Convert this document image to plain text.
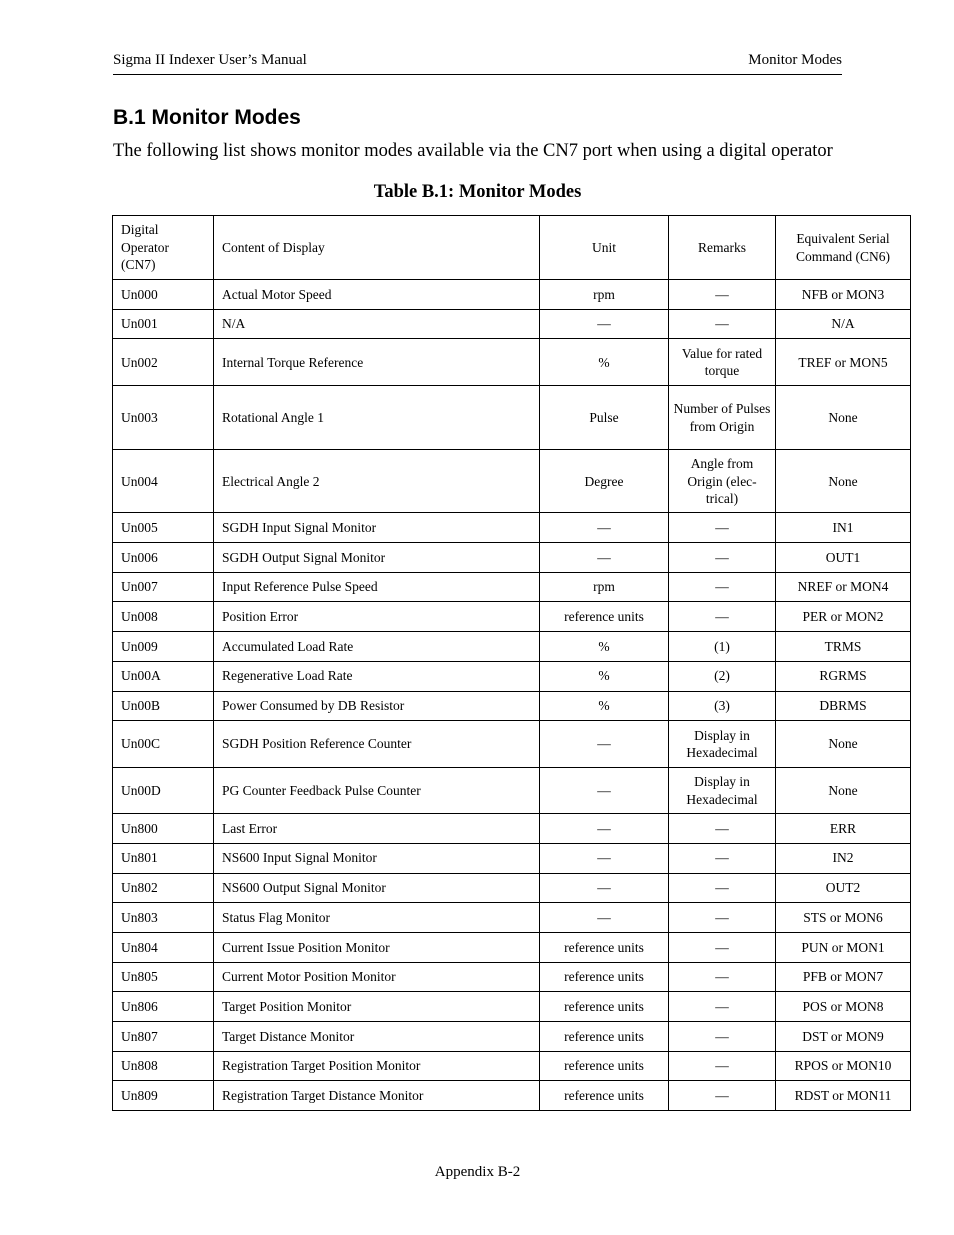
Sigma II Indexer User’s Manual	Monitor Modes
B.1 Monitor Modes

The following list shows monitor modes available via the CN7 port when using a digital operator

Table B.1: Monitor Modes
Digital Operator (CN7)	Content of Display	Unit	Remarks	Equivalent Serial Command (CN6)
Un000	Actual Motor Speed	rpm	—	NFB or MON3
Un001	N/A	—	—	N/A
Un002	Internal Torque Reference	%	Value for rated torque	TREF or MON5
Un003	Rotational Angle 1	Pulse	Number of Pulses from Origin	None
Un004	Electrical Angle 2	Degree	Angle from Origin (elec-trical)	None
Un005	SGDH Input Signal Monitor	—	—	IN1
Un006	SGDH Output Signal Monitor	—	—	OUT1
Un007	Input Reference Pulse Speed	rpm	—	NREF or MON4
Un008	Position Error	reference units	—	PER or MON2
Un009	Accumulated Load Rate	%	(1)	TRMS
Un00A	Regenerative Load Rate	%	(2)	RGRMS
Un00B	Power Consumed by DB Resistor	%	(3)	DBRMS
Un00C	SGDH Position Reference Counter	—	Display in Hexadecimal	None
Un00D	PG Counter Feedback Pulse Counter	—	Display in Hexadecimal	None
Un800	Last Error	—	—	ERR
Un801	NS600 Input Signal Monitor	—	—	IN2
Un802	NS600 Output Signal Monitor	—	—	OUT2
Un803	Status Flag Monitor	—	—	STS or MON6
Un804	Current Issue Position Monitor	reference units	—	PUN or MON1
Un805	Current Motor Position Monitor	reference units	—	PFB or MON7
Un806	Target Position Monitor	reference units	—	POS or MON8
Un807	Target Distance Monitor	reference units	—	DST or MON9
Un808	Registration Target Position Monitor	reference units	—	RPOS or MON10
Un809	Registration Target Distance Monitor	reference units	—	RDST or MON11
Appendix B-2
